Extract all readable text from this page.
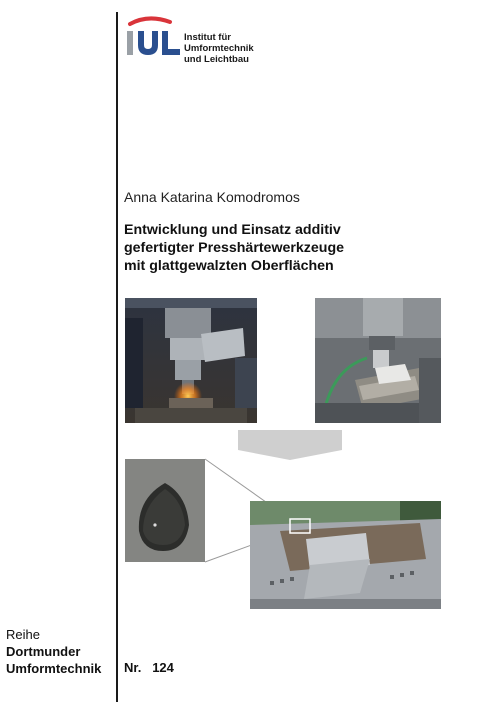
Institut für
Umformtechnik
und Leichtbau
Anna Katarina Komodromos
Entwicklung und Einsatz additiv
gefertigter Presshärtewerkzeuge
mit glattgewalzten Oberflächen
Reihe
Dortmunder
Umformtechnik Nr. 124
